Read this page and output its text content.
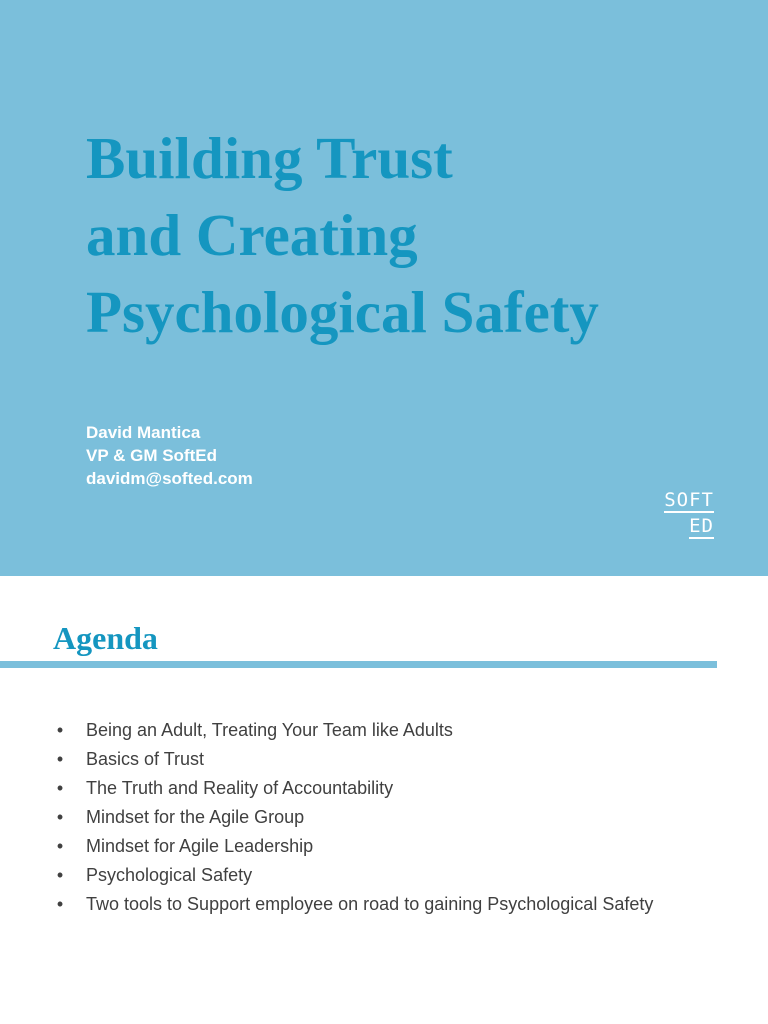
Building Trust
and Creating
Psychological Safety
David Mantica
VP & GM SoftEd
davidm@softed.com
SOFT
ED
Agenda
• Being an Adult, Treating Your Team like Adults
• Basics of Trust
• The Truth and Reality of Accountability
• Mindset for the Agile Group
• Mindset for Agile Leadership
• Psychological Safety
• Two tools to Support employee on road to gaining Psychological Safety
